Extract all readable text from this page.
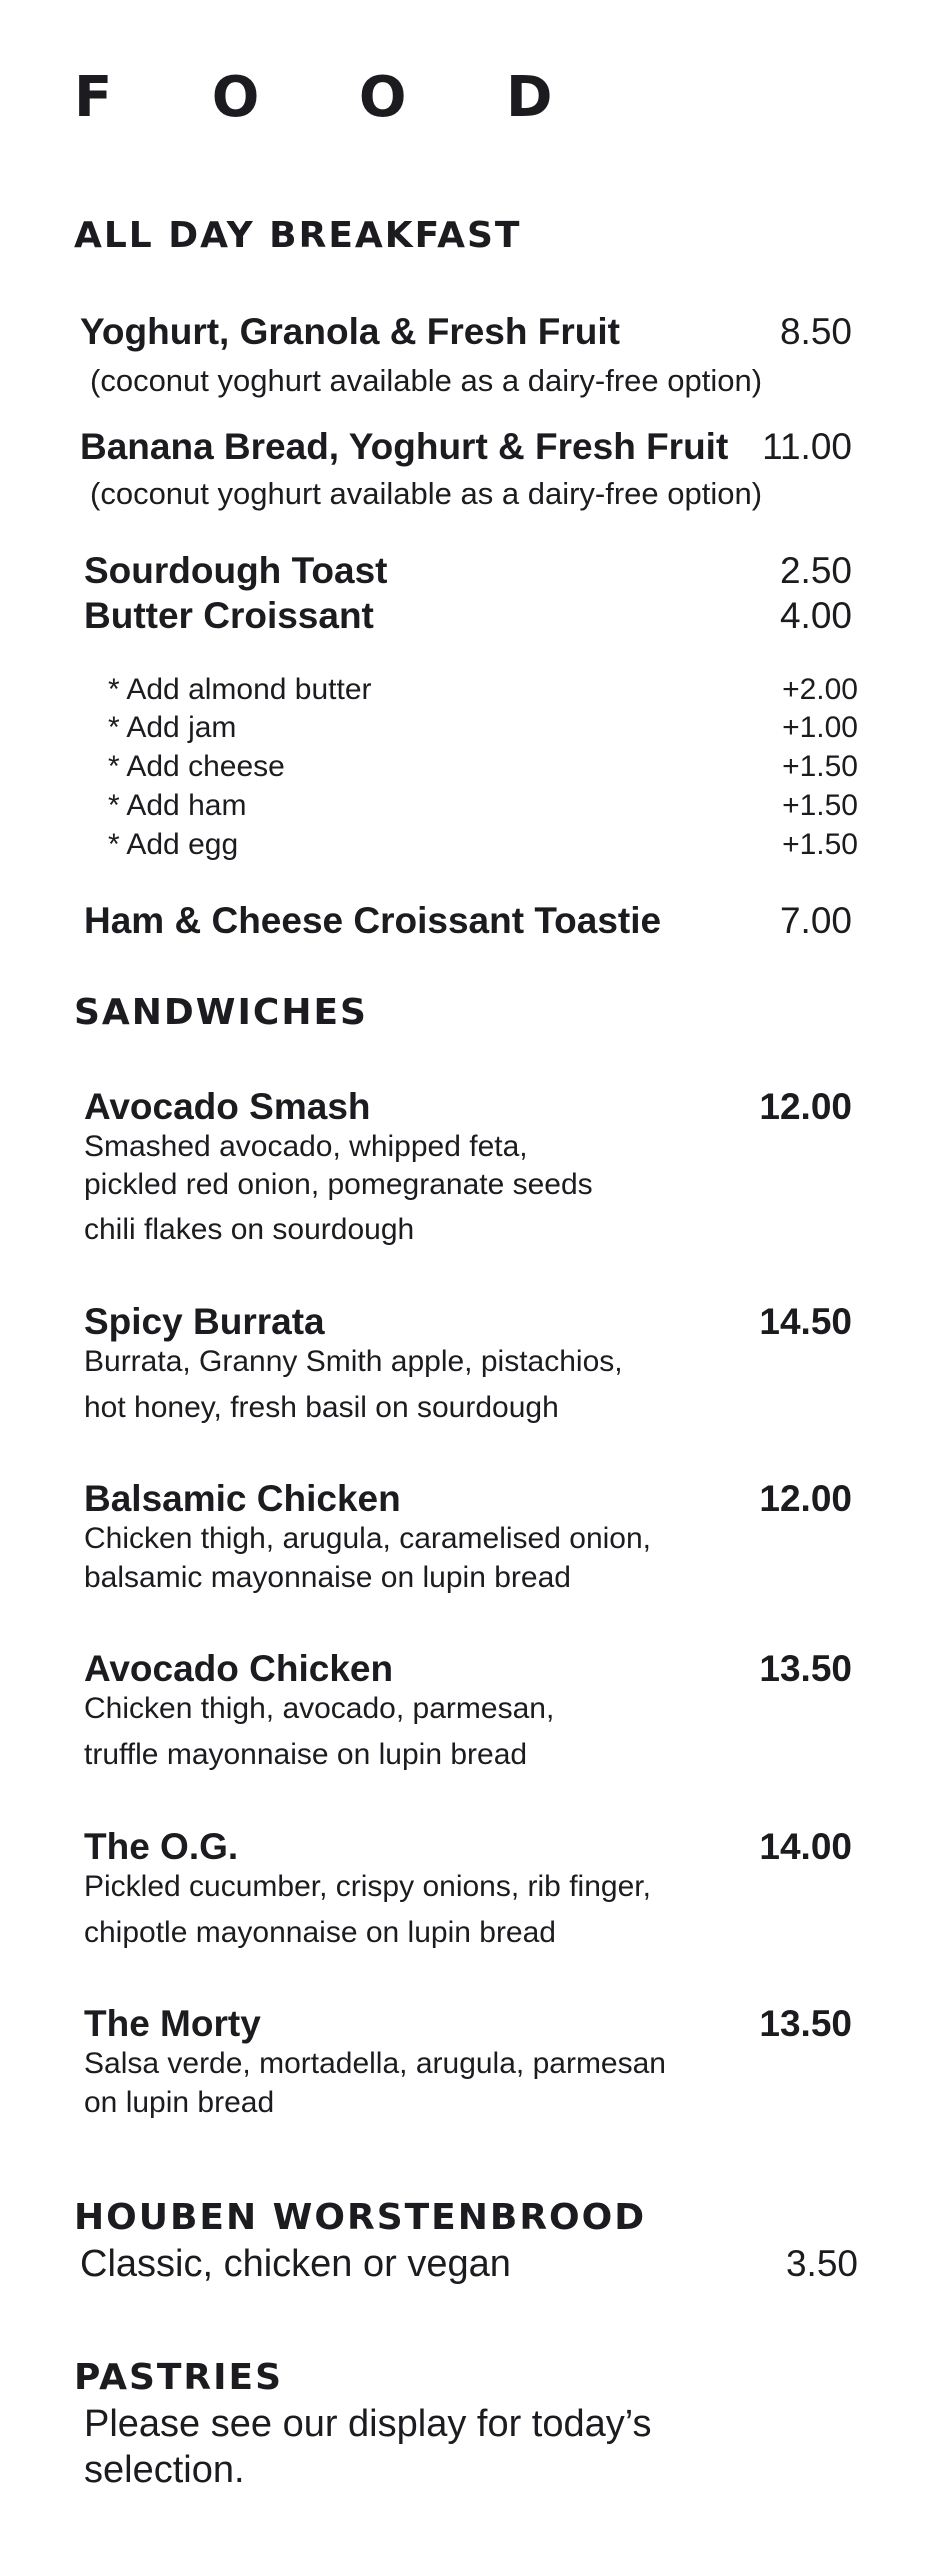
F O O D
ALL DAY BREAKFAST
Yoghurt, Granola & Fresh Fruit	8.50
(coconut yoghurt available as a dairy-free option)
Banana Bread, Yoghurt & Fresh Fruit 11.00
(coconut yoghurt available as a dairy-free option)
Sourdough Toast	2.50
Butter Croissant	4.00
* Add almond butter	+2.00
* Add jam	+1.00
* Add cheese	+1.50
* Add ham	+1.50
* Add egg	+1.50
Ham & Cheese Croissant Toastie	7.00
SANDWICHES
Avocado Smash	12.00
Smashed avocado, whipped feta,
pickled red onion, pomegranate seeds
chili flakes on sourdough
Spicy Burrata	14.50
Burrata, Granny Smith apple, pistachios,
hot honey, fresh basil on sourdough
Balsamic Chicken	12.00
Chicken thigh, arugula, caramelised onion,
balsamic mayonnaise on lupin bread
Avocado Chicken	13.50
Chicken thigh, avocado, parmesan,
truffle mayonnaise on lupin bread
The O.G.	14.00
Pickled cucumber, crispy onions, rib finger,
chipotle mayonnaise on lupin bread
The Morty	13.50
Salsa verde, mortadella, arugula, parmesan
on lupin bread
HOUBEN WORSTENBROOD
Classic, chicken or vegan	3.50
PASTRIES
Please see our display for today’s
selection.
